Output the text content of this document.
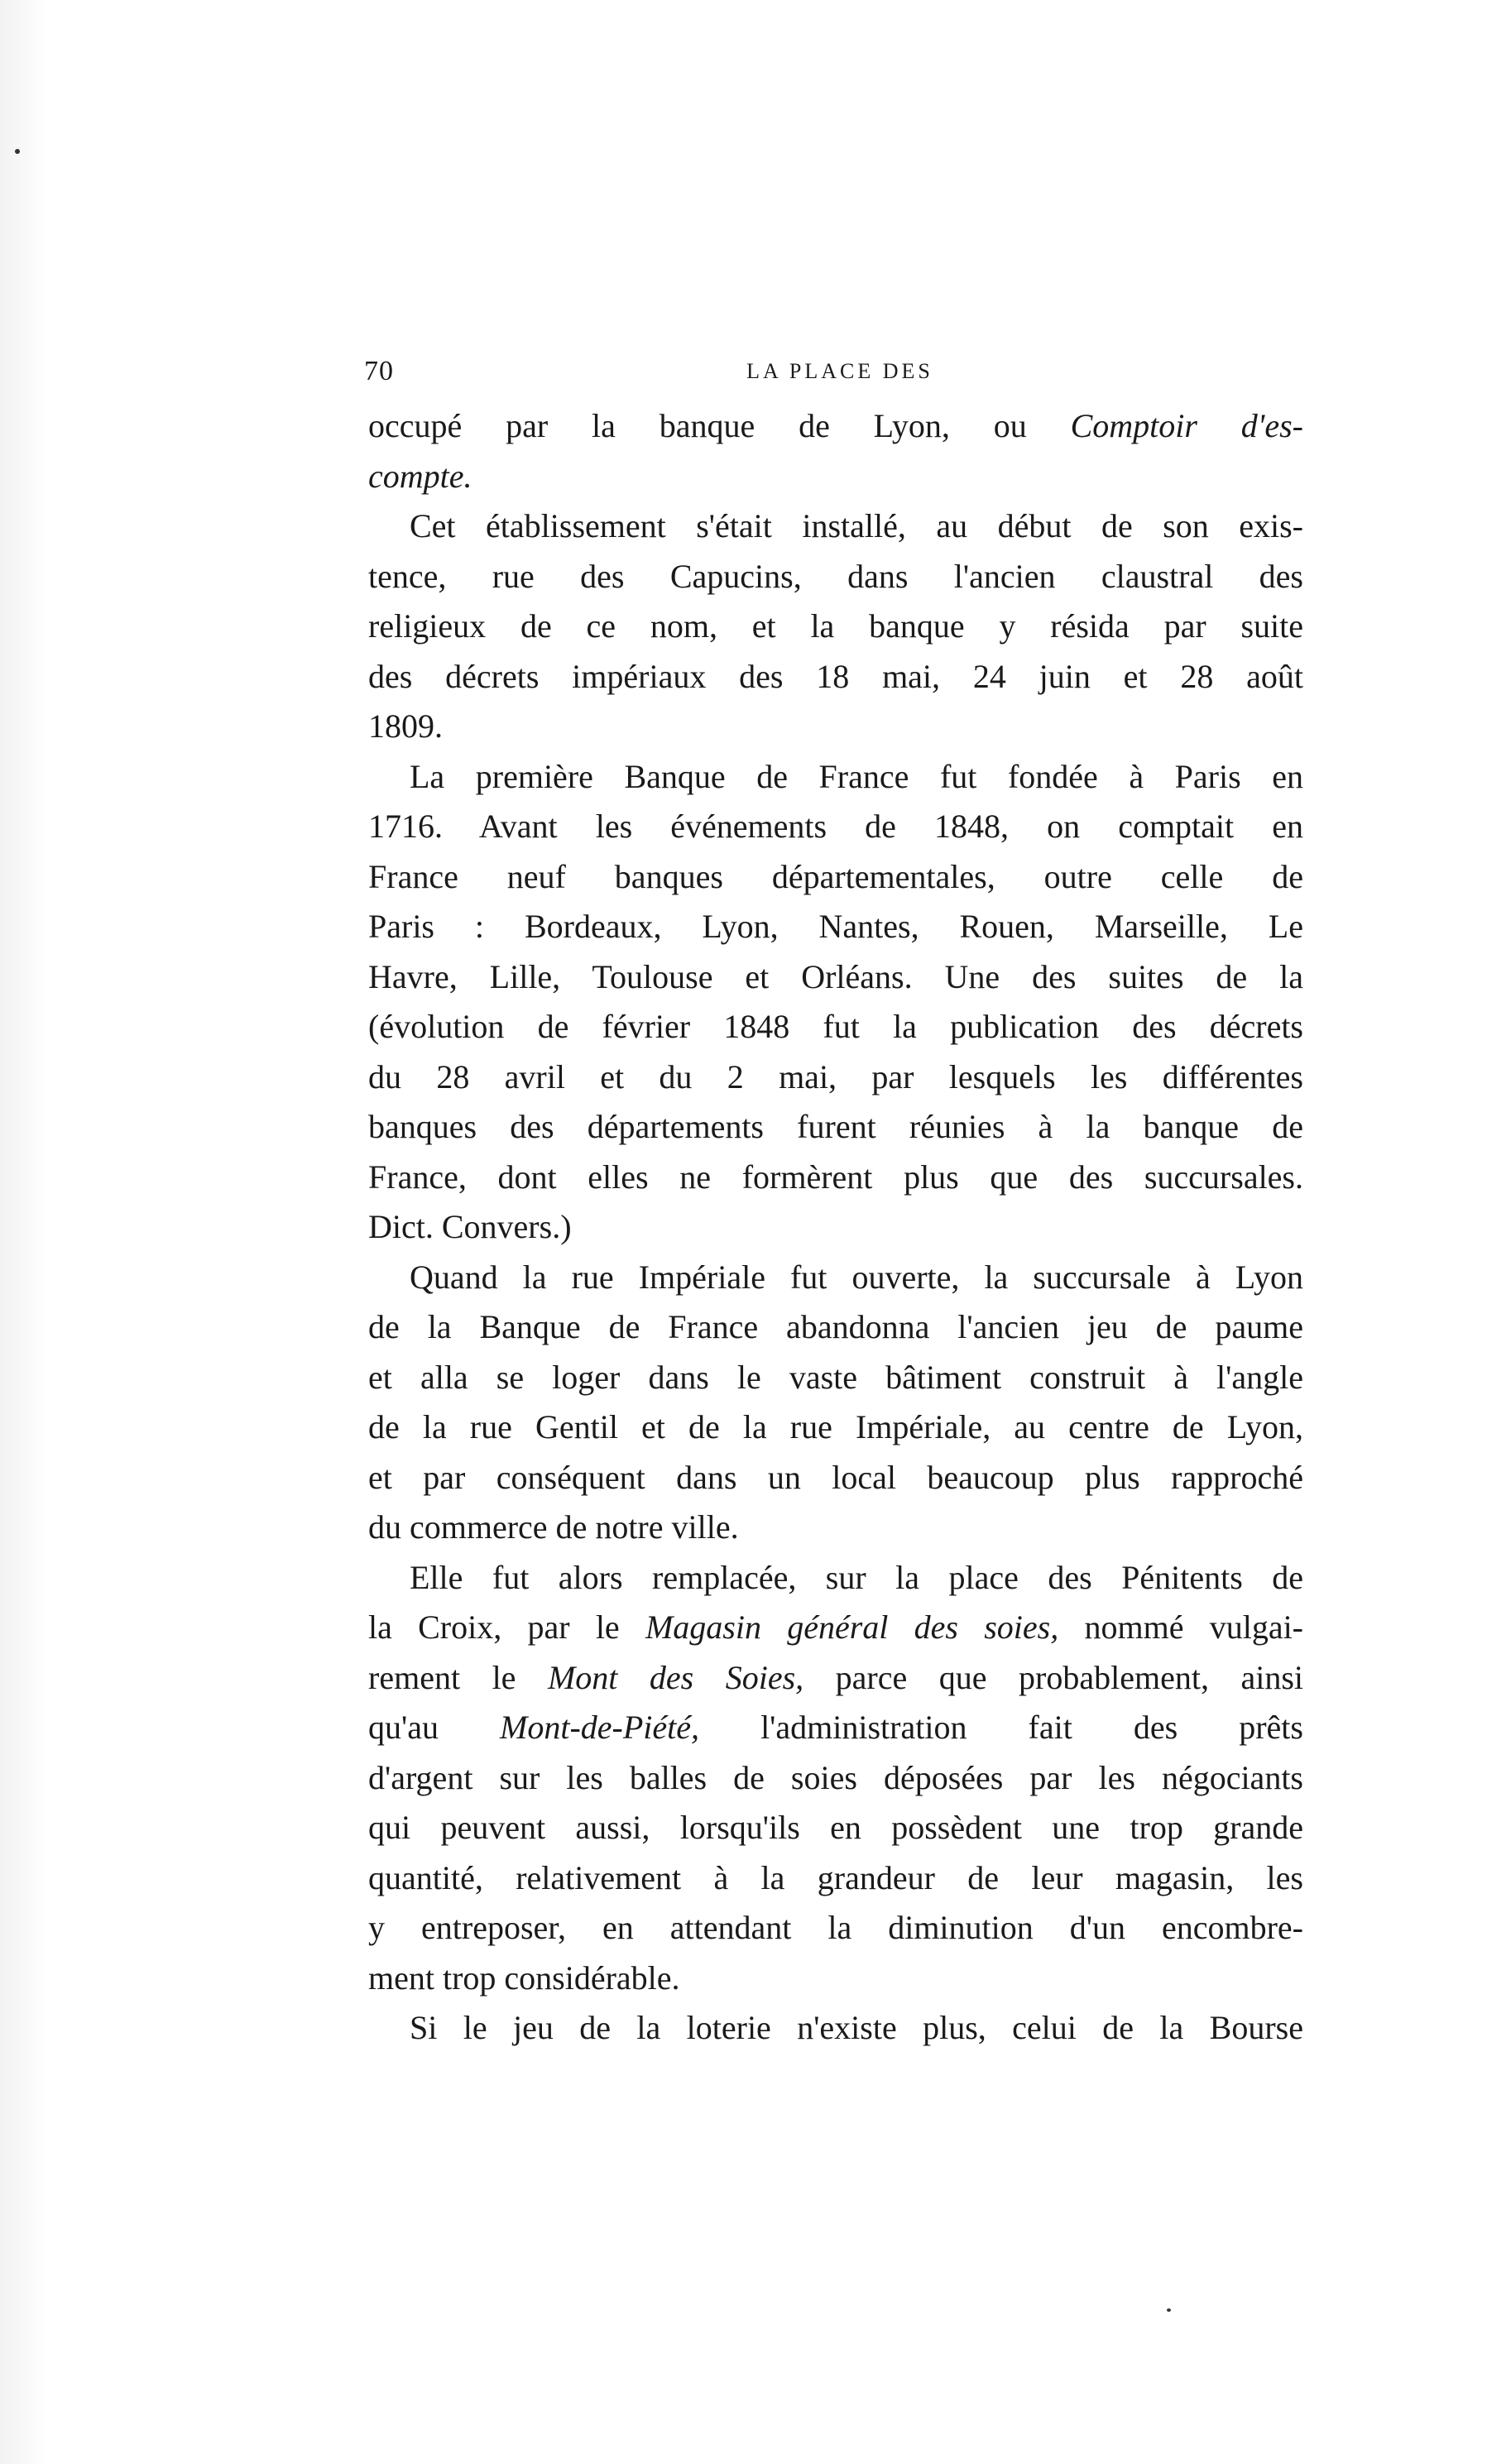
70	LA PLACE DES
occupé par la banque de Lyon, ou Comptoir d'es-
compte.
Cet établissement s'était installé, au début de son exis-
tence, rue des Capucins, dans l'ancien claustral des
religieux de ce nom, et la banque y résida par suite
des décrets impériaux des 18 mai, 24 juin et 28 août
1809.
La première Banque de France fut fondée à Paris en
1716. Avant les événements de 1848, on comptait en
France neuf banques départementales, outre celle de
Paris : Bordeaux, Lyon, Nantes, Rouen, Marseille, Le
Havre, Lille, Toulouse et Orléans. Une des suites de la
(évolution de février 1848 fut la publication des décrets
du 28 avril et du 2 mai, par lesquels les différentes
banques des départements furent réunies à la banque de
France, dont elles ne formèrent plus que des succursales.
Dict. Convers.)
Quand la rue Impériale fut ouverte, la succursale à Lyon
de la Banque de France abandonna l'ancien jeu de paume
et alla se loger dans le vaste bâtiment construit à l'angle
de la rue Gentil et de la rue Impériale, au centre de Lyon,
et par conséquent dans un local beaucoup plus rapproché
du commerce de notre ville.
Elle fut alors remplacée, sur la place des Pénitents de
la Croix, par le Magasin général des soies, nommé vulgai-
rement le Mont des Soies, parce que probablement, ainsi
qu'au Mont-de-Piété, l'administration fait des prêts
d'argent sur les balles de soies déposées par les négociants
qui peuvent aussi, lorsqu'ils en possèdent une trop grande
quantité, relativement à la grandeur de leur magasin, les
y entreposer, en attendant la diminution d'un encombre-
ment trop considérable.
Si le jeu de la loterie n'existe plus, celui de la Bourse
